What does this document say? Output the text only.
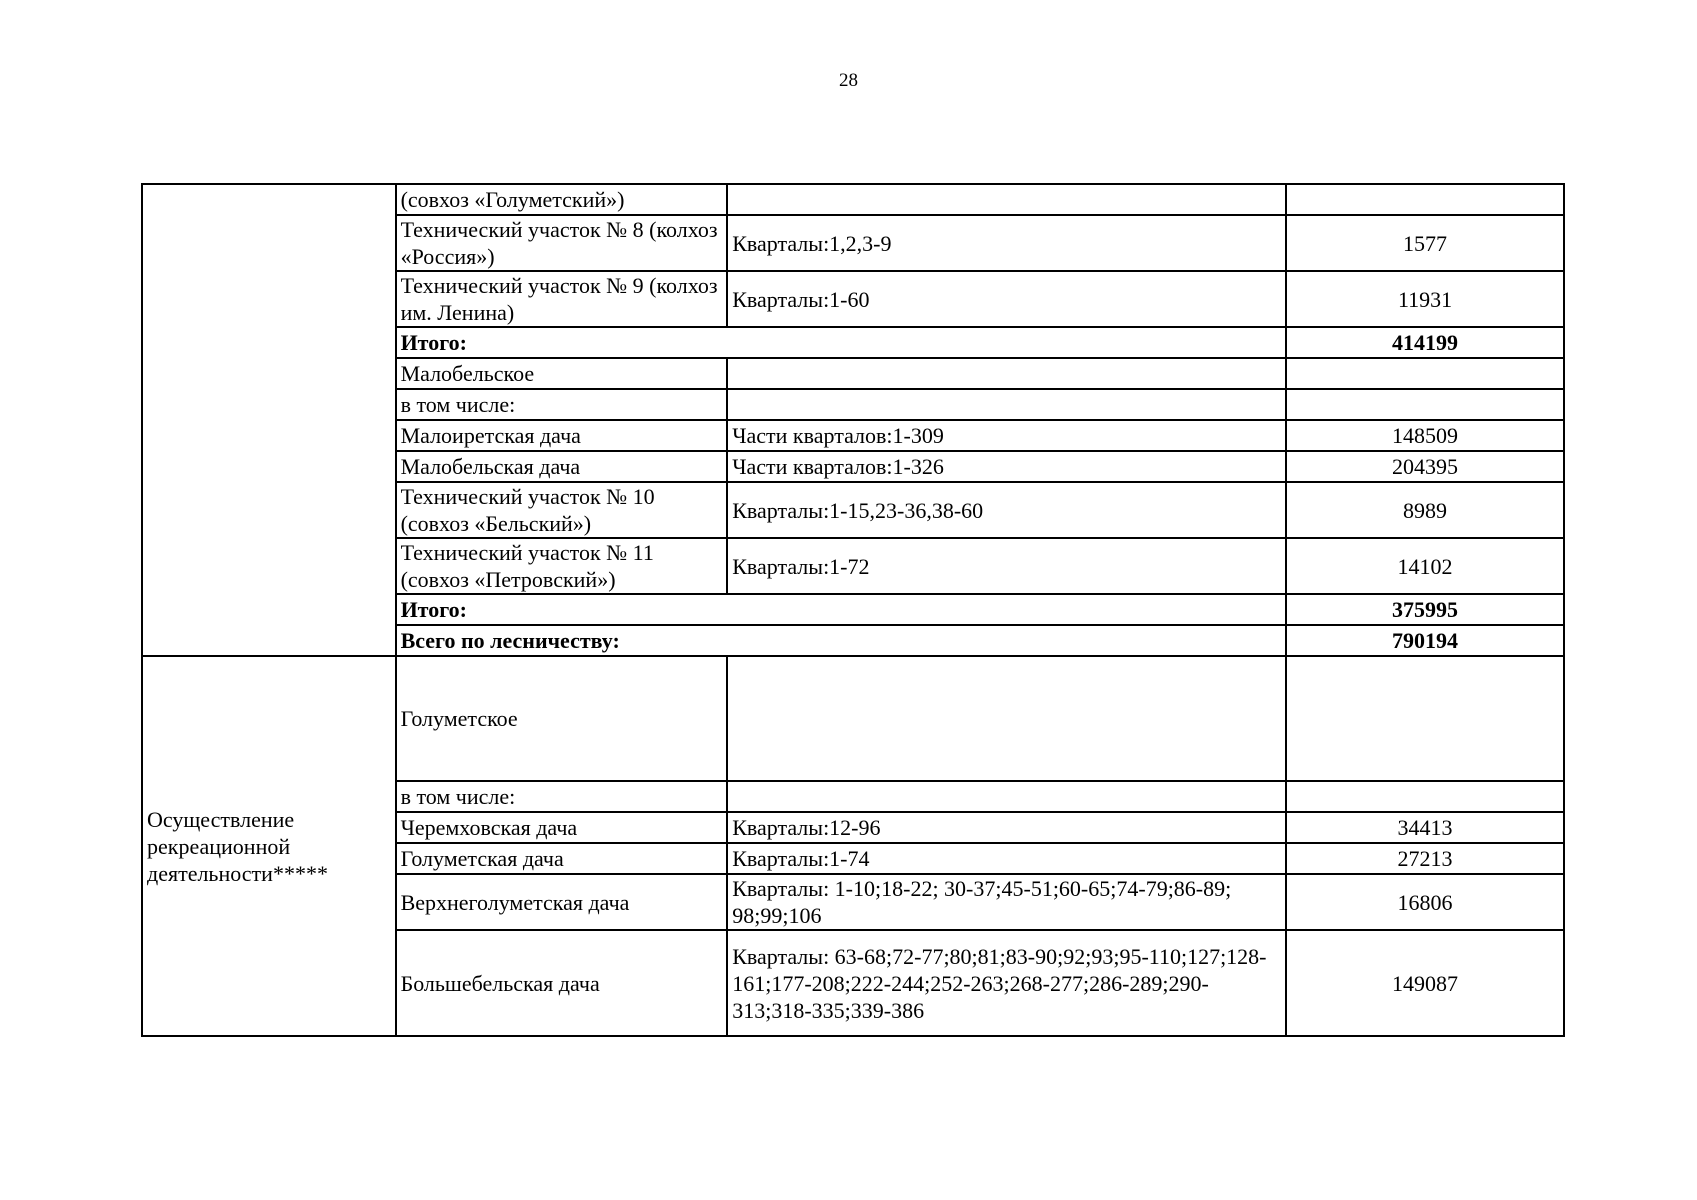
28
	(совхоз «Голуметский»)		
	Технический участок № 8 (колхоз «Россия»)	Кварталы:1,2,3-9	1577
	Технический участок № 9 (колхоз им. Ленина)	Кварталы:1-60	11931
	Итого:		414199
	Малобельское		
	в том числе:		
	Малоиретская дача	Части кварталов:1-309	148509
	Малобельская дача	Части кварталов:1-326	204395
	Технический участок № 10 (совхоз «Бельский»)	Кварталы:1-15,23-36,38-60	8989
	Технический участок № 11 (совхоз «Петровский»)	Кварталы:1-72	14102
	Итого:		375995
	Всего по лесничеству:		790194
Осуществление рекреационной деятельности*****	Голуметское		
	в том числе:		
	Черемховская дача	Кварталы:12-96	34413
	Голуметская дача	Кварталы:1-74	27213
	Верхнеголуметская дача	Кварталы: 1-10;18-22; 30-37;45-51;60-65;74-79;86-89; 98;99;106	16806
	Большебельская дача	Кварталы: 63-68;72-77;80;81;83-90;92;93;95-110;127;128-161;177-208;222-244;252-263;268-277;286-289;290-313;318-335;339-386	149087
